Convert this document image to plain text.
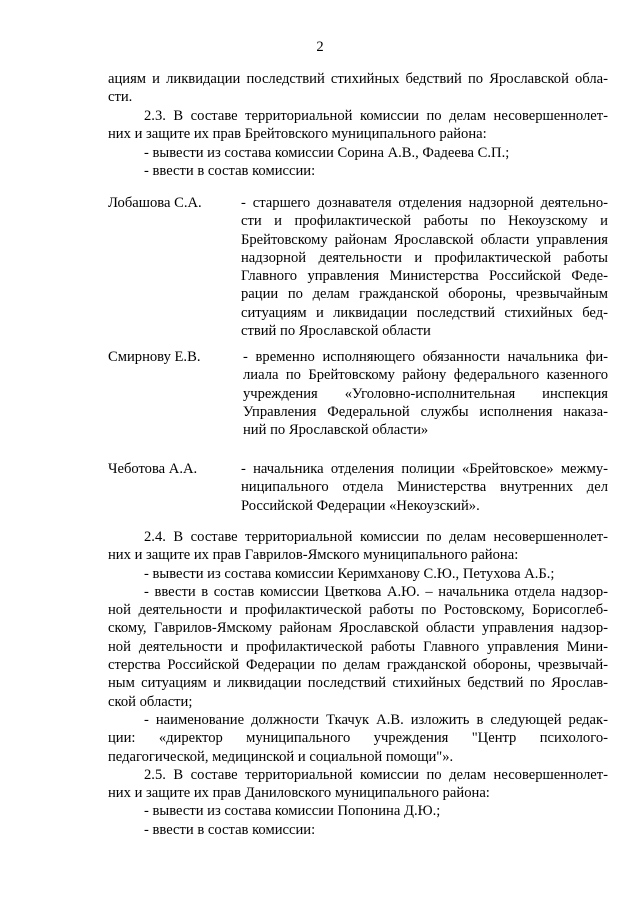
2
ациям и ликвидации последствий стихийных бедствий по Ярославской обла-
сти.
2.3. В составе территориальной комиссии по делам несовершеннолет-
них и защите их прав Брейтовского муниципального района:
- вывести из состава комиссии Сорина А.В., Фадеева С.П.;
- ввести в состав комиссии:
Лобашова С.А.	- старшего дознавателя отделения надзорной деятельно-
сти и профилактической работы по Некоузскому и
Брейтовскому районам Ярославской области управления
надзорной деятельности и профилактической работы
Главного управления Министерства Российской Феде-
рации по делам гражданской обороны, чрезвычайным
ситуациям и ликвидации последствий стихийных бед-
ствий по Ярославской области
Смирнову Е.В.	- временно исполняющего обязанности начальника фи-
лиала по Брейтовскому району федерального казенного
учреждения «Уголовно-исполнительная инспекция
Управления Федеральной службы исполнения наказа-
ний по Ярославской области»
Чеботова А.А.	- начальника отделения полиции «Брейтовское» межму-
ниципального отдела Министерства внутренних дел
Российской Федерации «Некоузский».
2.4. В составе территориальной комиссии по делам несовершеннолет-
них и защите их прав Гаврилов-Ямского муниципального района:
- вывести из состава комиссии Керимханову С.Ю., Петухова А.Б.;
- ввести в состав комиссии Цветкова А.Ю. – начальника отдела надзор-
ной деятельности и профилактической работы по Ростовскому, Борисоглеб-
скому, Гаврилов-Ямскому районам Ярославской области управления надзор-
ной деятельности и профилактической работы Главного управления Мини-
стерства Российской Федерации по делам гражданской обороны, чрезвычай-
ным ситуациям и ликвидации последствий стихийных бедствий по Ярослав-
ской области;
- наименование должности Ткачук А.В. изложить в следующей редак-
ции: «директор муниципального учреждения "Центр психолого-
педагогической, медицинской и социальной помощи"».
2.5. В составе территориальной комиссии по делам несовершеннолет-
них и защите их прав Даниловского муниципального района:
- вывести из состава комиссии Попонина Д.Ю.;
- ввести в состав комиссии:
